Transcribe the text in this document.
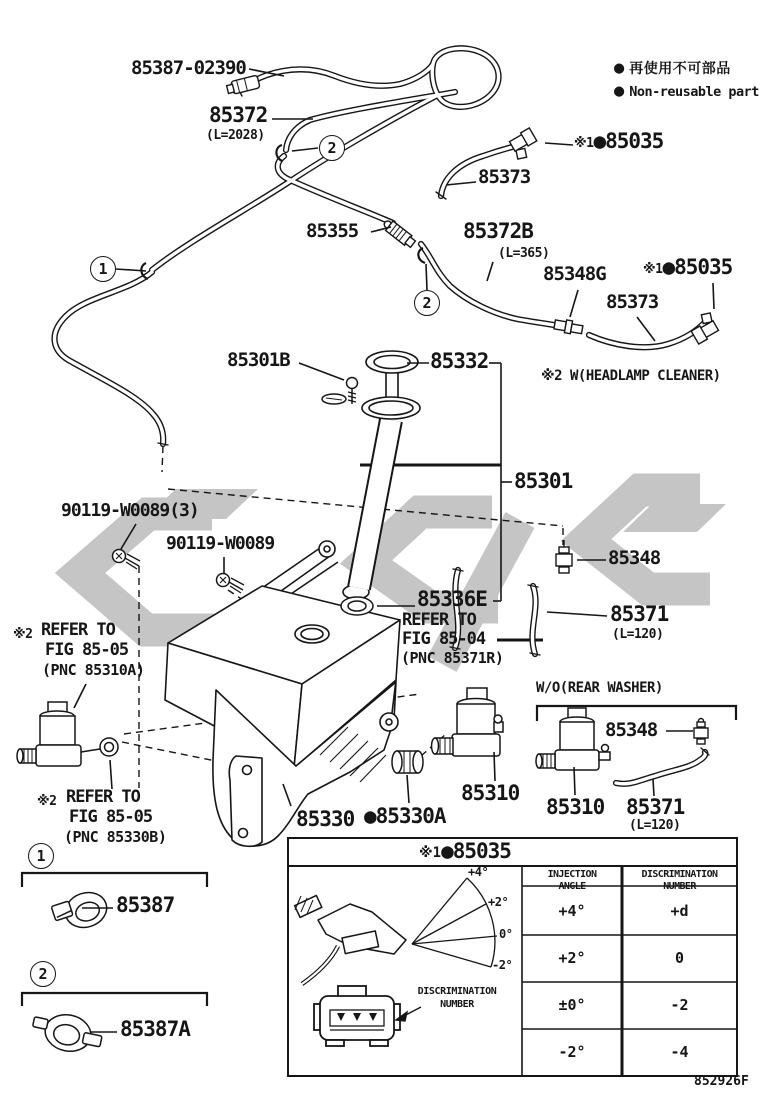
● 再使用不可部品
● Non-reusable part
85387-02390
85372
(L=2028)
※1 ●85035
85373
85355	85372B
(L=365)
85348G	※1 ●85035
85373
85301B	85332
※2 W(HEADLAMP CLEANER)
85301
90119-W0089(3)
90119-W0089
85348
85336E
REFER TO
FIG 85-04
(PNC 85371R)
85371
(L=120)
※2 REFER TO
FIG 85-05
(PNC 85310A)
W/O(REAR WASHER)
85348
85310
85310 85371
(L=120)
※2 REFER TO
FIG 85-05
(PNC 85330B)
85330 ●85330A
85387
85387A
852926F
1
2
2
1
2
※1 ●85035
INJECTION
ANGLE
DISCRIMINATION
NUMBER
+4°	+d
+2°	0
±0°	-2
-2°	-4
+4°
+2°
0°
-2°
DISCRIMINATION
NUMBER
